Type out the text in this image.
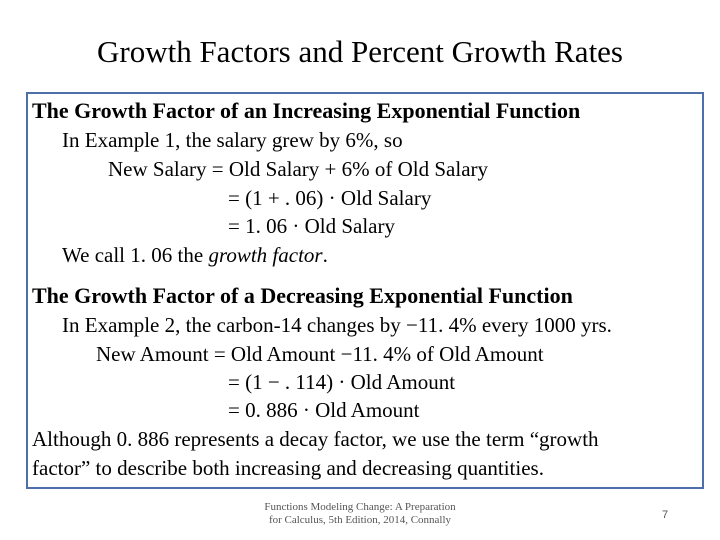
Growth Factors and Percent Growth Rates
The Growth Factor of an Increasing Exponential Function
In Example 1, the salary grew by 6%, so
New Salary = Old Salary + 6% of Old Salary
= (1 + . 06) · Old Salary
= 1. 06 · Old Salary
We call 1. 06 the growth factor.
The Growth Factor of a Decreasing Exponential Function
In Example 2, the carbon-14 changes by −11. 4% every 1000 yrs.
New Amount = Old Amount −11. 4% of Old Amount
= (1 − . 114) · Old Amount
= 0. 886 · Old Amount
Although 0. 886 represents a decay factor, we use the term “growth
factor” to describe both increasing and decreasing quantities.
Functions Modeling Change: A Preparation
for Calculus, 5th Edition, 2014, Connally	7
